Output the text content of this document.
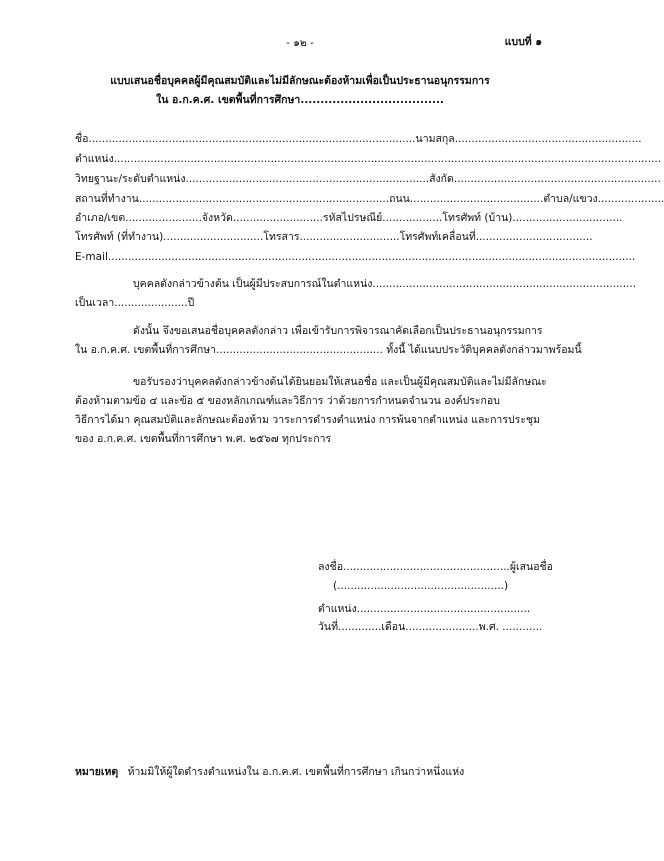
- ๑๒ -	แบบที่ ๑
แบบเสนอชื่อบุคคลผู้มีคุณสมบัติและไม่มีลักษณะต้องห้ามเพื่อเป็นประธานอนุกรรมการ
ใน อ.ก.ค.ศ. เขตพื้นที่การศึกษา....................................
ชื่อ..................................................................................................นามสกุล........................................................
ตำแหน่ง....................................................................................................................................................................
วิทยฐานะ/ระดับตำแหน่ง.........................................................................สังกัด..............................................................
สถานที่ทำงาน...........................................................................ถนน........................................ตำบล/แขวง....................
อำเภอ/เขต.......................จังหวัด...........................รหัสไปรษณีย์..................โทรศัพท์ (บ้าน).................................
โทรศัพท์ (ที่ทำงาน)..............................โทรสาร..............................โทรศัพท์เคลื่อนที่...................................
E-mail..............................................................................................................................................................
บุคคลดังกล่าวข้างต้น เป็นผู้มีประสบการณ์ในตำแหน่ง...............................................................................
เป็นเวลา......................ปี
ดังนั้น จึงขอเสนอชื่อบุคคลดังกล่าว เพื่อเข้ารับการพิจารณาคัดเลือกเป็นประธานอนุกรรมการ
ใน อ.ก.ค.ศ. เขตพื้นที่การศึกษา.................................................. ทั้งนี้ ได้แนบประวัติบุคคลดังกล่าวมาพร้อมนี้
ขอรับรองว่าบุคคลดังกล่าวข้างต้นได้ยินยอมให้เสนอชื่อ และเป็นผู้มีคุณสมบัติและไม่มีลักษณะ
ต้องห้ามตามข้อ ๔ และข้อ ๕ ของหลักเกณฑ์และวิธีการ ว่าด้วยการกำหนดจำนวน องค์ประกอบ
วิธีการได้มา คุณสมบัติและลักษณะต้องห้าม วาระการดำรงตำแหน่ง การพ้นจากตำแหน่ง และการประชุม
ของ อ.ก.ค.ศ. เขตพื้นที่การศึกษา พ.ศ. ๒๕๖๗ ทุกประการ
ลงชื่อ..................................................ผู้เสนอชื่อ
(..................................................)
ตำแหน่ง....................................................
วันที่.............เดือน......................พ.ศ. ............
หมายเหตุ ห้ามมิให้ผู้ใดดำรงตำแหน่งใน อ.ก.ค.ศ. เขตพื้นที่การศึกษา เกินกว่าหนึ่งแห่ง
